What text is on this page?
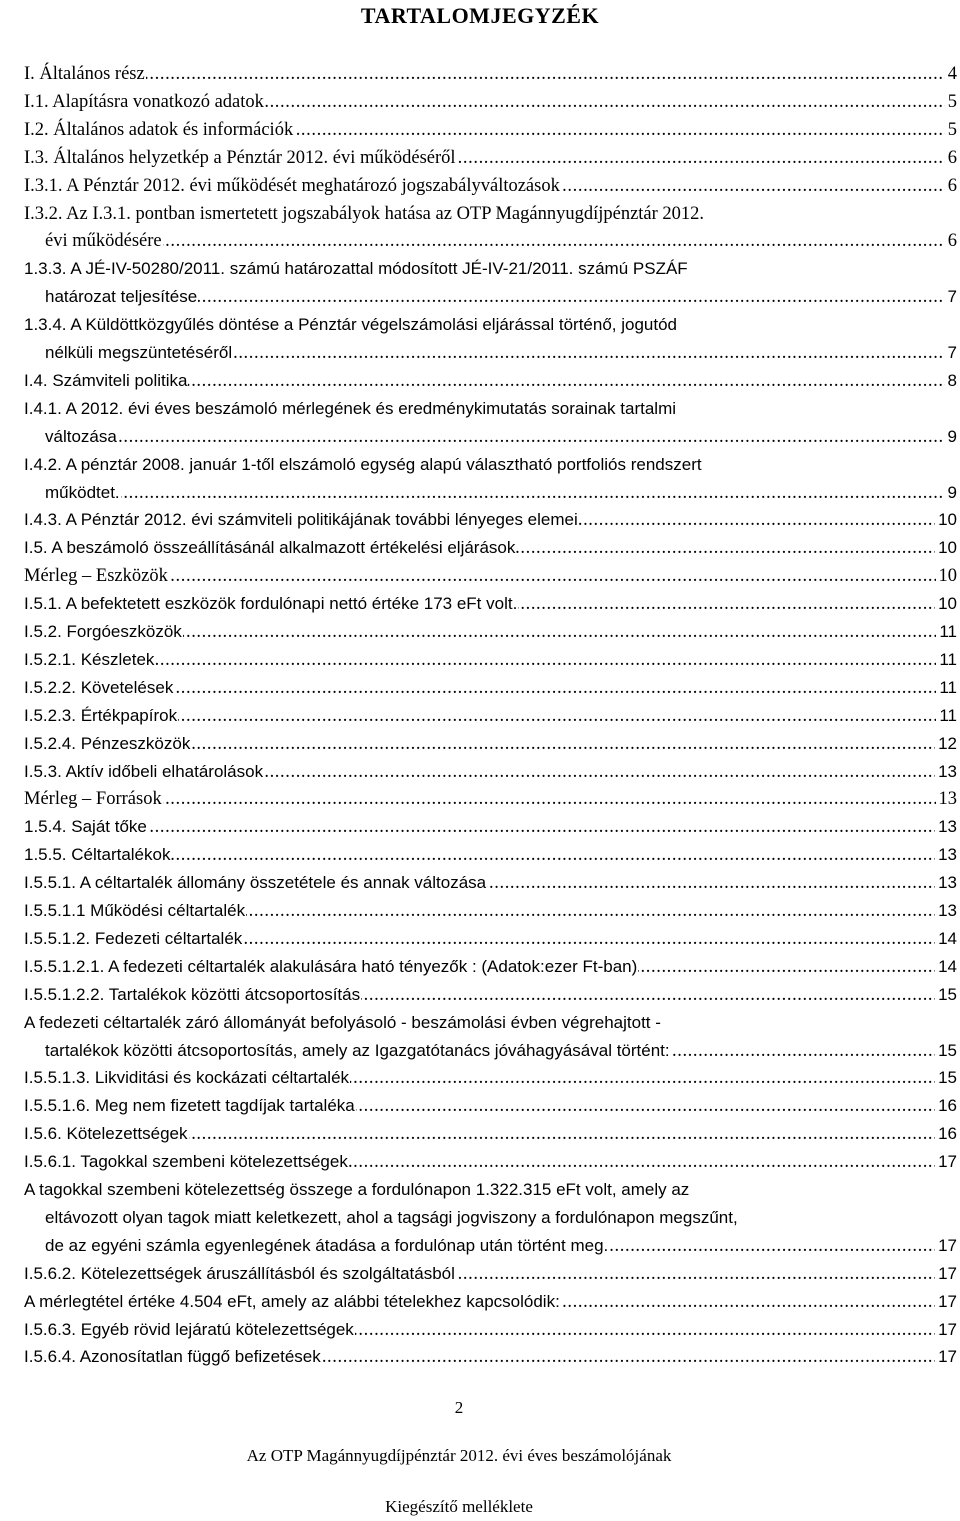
TARTALOMJEGYZÉK
..... I. Általános rész	4
..... I.1. Alapításra vonatkozó adatok	5
..... I.2. Általános adatok és információk	5
..... I.3. Általános helyzetkép a Pénztár 2012. évi működéséről	6
..... I.3.1. A Pénztár 2012. évi működését meghatározó jogszabályváltozások	6
I.3.2. Az I.3.1. pontban ismertetett jogszabályok hatása az OTP Magánnyugdíjpénztár 2012.
..... évi működésére	6
1.3.3. A JÉ-IV-50280/2011. számú határozattal módosított JÉ-IV-21/2011. számú PSZÁF
..... határozat teljesítése	7
1.3.4. A Küldöttközgyűlés döntése a Pénztár végelszámolási eljárással történő, jogutód
..... nélküli megszüntetéséről	7
..... I.4. Számviteli politika	8
I.4.1. A 2012. évi éves beszámoló mérlegének és eredménykimutatás sorainak tartalmi
..... változása	9
I.4.2. A pénztár 2008. január 1-től elszámoló egység alapú választható portfoliós rendszert
..... működtet.	9
..... I.4.3. A Pénztár 2012. évi számviteli politikájának további lényeges elemei	10
..... I.5. A beszámoló összeállításánál alkalmazott értékelési eljárások	10
..... Mérleg – Eszközök	10
..... I.5.1. A befektetett eszközök fordulónapi nettó értéke 173 eFt volt.	10
..... I.5.2. Forgóeszközök	11
..... I.5.2.1. Készletek	11
..... I.5.2.2. Követelések	11
..... I.5.2.3. Értékpapírok	11
..... I.5.2.4. Pénzeszközök	12
..... I.5.3. Aktív időbeli elhatárolások	13
..... Mérleg – Források	13
..... 1.5.4. Saját tőke	13
..... 1.5.5. Céltartalékok	13
..... I.5.5.1. A céltartalék állomány összetétele és annak változása	13
..... I.5.5.1.1 Működési céltartalék	13
..... I.5.5.1.2. Fedezeti céltartalék	14
..... I.5.5.1.2.1. A fedezeti céltartalék alakulására ható tényezők : (Adatok:ezer Ft-ban)	14
..... I.5.5.1.2.2. Tartalékok közötti átcsoportosítás	15
A fedezeti céltartalék záró állományát befolyásoló - beszámolási évben végrehajtott -
..... tartalékok közötti átcsoportosítás, amely az Igazgatótanács jóváhagyásával történt:	15
..... I.5.5.1.3. Likviditási és kockázati céltartalék	15
..... I.5.5.1.6. Meg nem fizetett tagdíjak tartaléka	16
..... I.5.6. Kötelezettségek	16
..... I.5.6.1. Tagokkal szembeni kötelezettségek	17
A tagokkal szembeni kötelezettség összege a fordulónapon 1.322.315 eFt volt, amely az
eltávozott olyan tagok miatt keletkezett, ahol a tagsági jogviszony a fordulónapon megszűnt,
..... de az egyéni számla egyenlegének átadása a fordulónap után történt meg.	17
..... I.5.6.2. Kötelezettségek áruszállításból és szolgáltatásból	17
..... A mérlegtétel értéke 4.504 eFt, amely az alábbi tételekhez kapcsolódik:	17
..... I.5.6.3. Egyéb rövid lejáratú kötelezettségek	17
..... I.5.6.4. Azonosítatlan függő befizetések	17
2
Az OTP Magánnyugdíjpénztár 2012. évi éves beszámolójának
Kiegészítő melléklete
